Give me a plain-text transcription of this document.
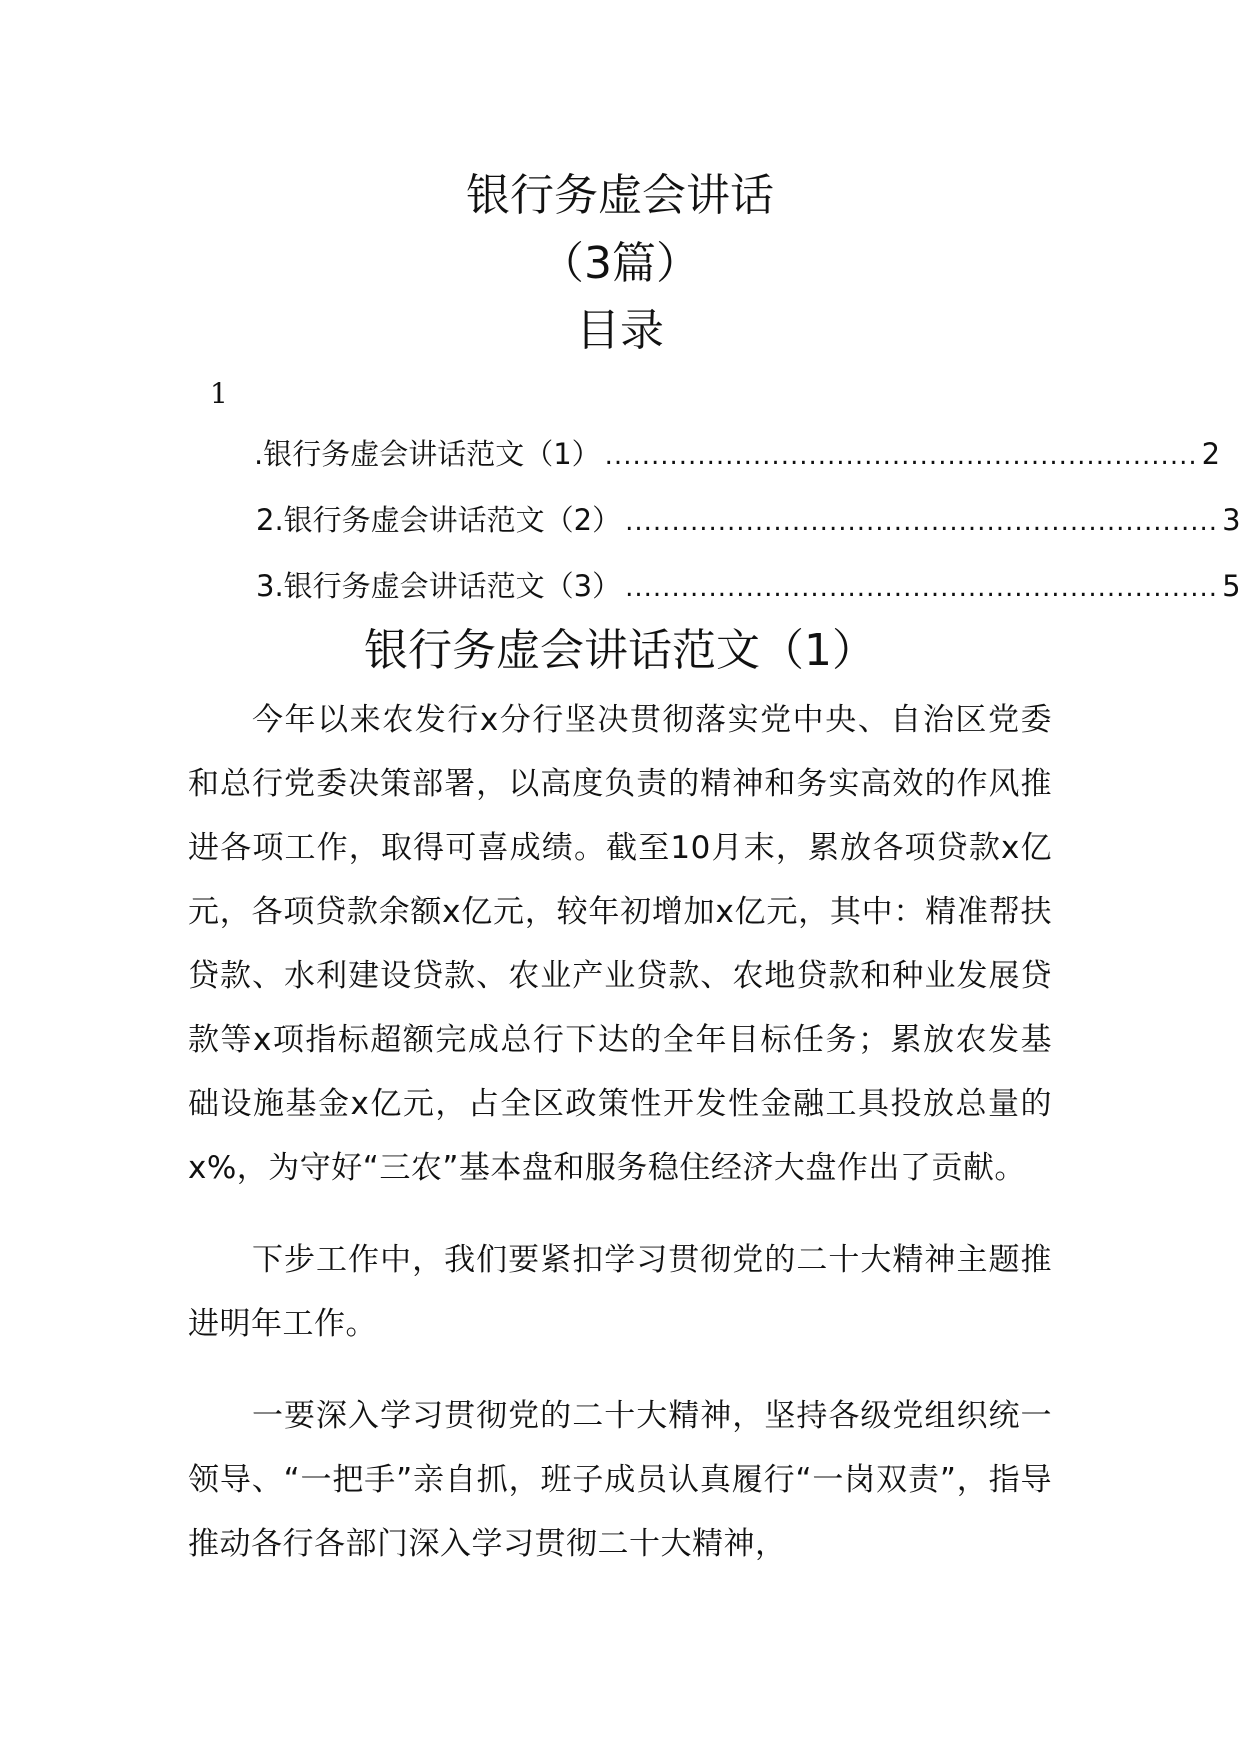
银行务虚会讲话
（3篇）
目录
1
.银行务虚会讲话范文（1） ................................................................ 2
2.银行务虚会讲话范文（2） ................................................................ 3
3.银行务虚会讲话范文（3） ................................................................ 5
银行务虚会讲话范文（1）

今年以来农发行x分行坚决贯彻落实党中央、自治区党委和总行党委决策部署，以高度负责的精神和务实高效的作风推进各项工作，取得可喜成绩。截至10月末，累放各项贷款x亿元，各项贷款余额x亿元，较年初增加x亿元，其中：精准帮扶贷款、水利建设贷款、农业产业贷款、农地贷款和种业发展贷款等x项指标超额完成总行下达的全年目标任务；累放农发基础设施基金x亿元，占全区政策性开发性金融工具投放总量的x%，为守好“三农”基本盘和服务稳住经济大盘作出了贡献。

下步工作中，我们要紧扣学习贯彻党的二十大精神主题推进明年工作。

一要深入学习贯彻党的二十大精神，坚持各级党组织统一领导、“一把手”亲自抓，班子成员认真履行“一岗双责”，指导推动各行各部门深入学习贯彻二十大精神，
